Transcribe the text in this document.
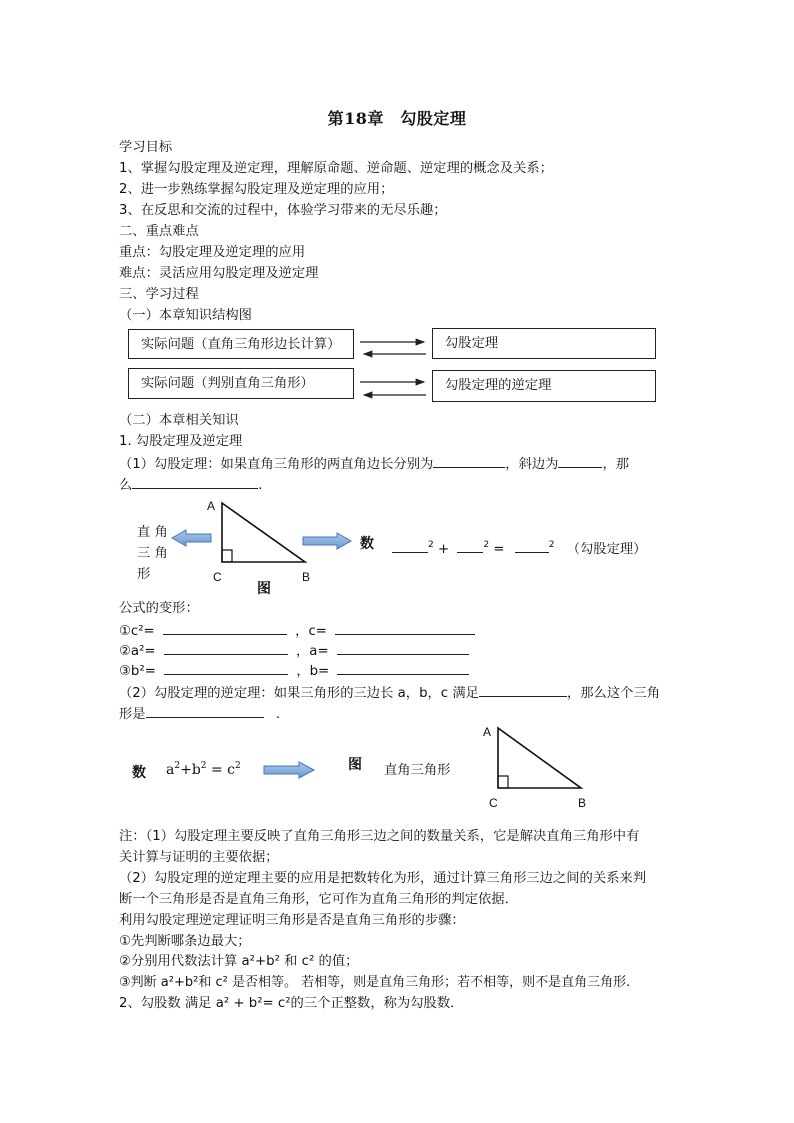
第18章　勾股定理
学习目标
1、掌握勾股定理及逆定理，理解原命题、逆命题、逆定理的概念及关系；
2、进一步熟练掌握勾股定理及逆定理的应用；
3、在反思和交流的过程中，体验学习带来的无尽乐趣；
二、重点难点
重点：勾股定理及逆定理的应用
难点：灵活应用勾股定理及逆定理
三、学习过程
（一）本章知识结构图
实际问题（直角三角形边长计算）	勾股定理
实际问题（判别直角三角形）	勾股定理的逆定理
（二）本章相关知识
1. 勾股定理及逆定理
（1）勾股定理：如果直角三角形的两直角边长分别为	，斜边为	，那
么	.
直 角
三 角
形
A
C	B
图
数	$^2$ +	$^2$ =	$^2$ （勾股定理）
公式的变形：
①c²=	，c=
②a²=	，a=
③b²=	，b=
（2）勾股定理的逆定理：如果三角形的三边长 a，b，c 满足	，那么这个三角
形是	.
数 $a^2+b^2 = c^2$	图 直角三角形
A
C	B
注：（1）勾股定理主要反映了直角三角形三边之间的数量关系，它是解决直角三角形中有
关计算与证明的主要依据；
（2）勾股定理的逆定理主要的应用是把数转化为形，通过计算三角形三边之间的关系来判
断一个三角形是否是直角三角形，它可作为直角三角形的判定依据．
利用勾股定理逆定理证明三角形是否是直角三角形的步骤：
①先判断哪条边最大；
②分别用代数法计算 a²+b² 和 c² 的值；
③判断 a²+b²和 c² 是否相等。 若相等，则是直角三角形；若不相等，则不是直角三角形.
2、勾股数 满足 a² + b²= c²的三个正整数，称为勾股数．
